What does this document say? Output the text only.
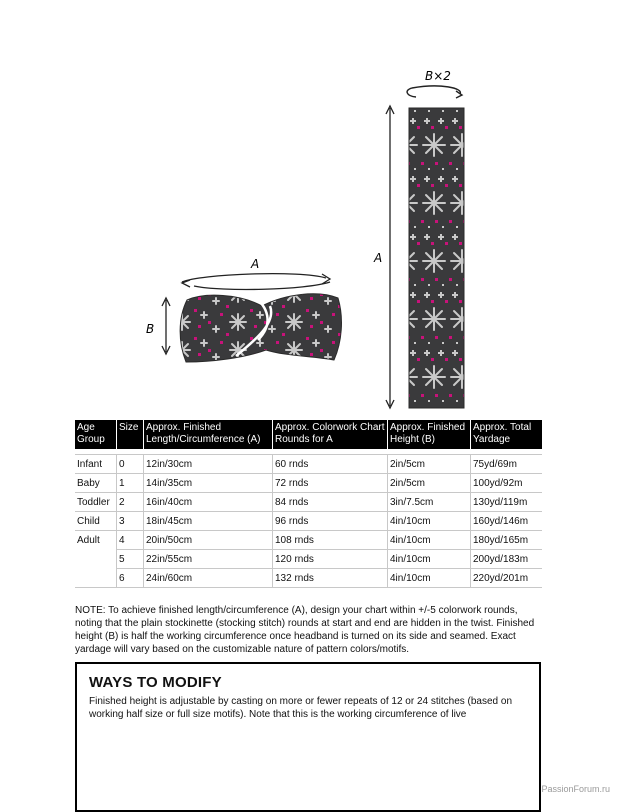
B×2
A
A
B
Age Group	Size	Approx. Finished Length/Circumference (A)	Approx. Colorwork Chart Rounds for A	Approx. Finished Height (B)	Approx. Total Yardage

Infant	0	12in/30cm	60 rnds	2in/5cm	75yd/69m
Baby	1	14in/35cm	72 rnds	2in/5cm	100yd/92m
Toddler	2	16in/40cm	84 rnds	3in/7.5cm	130yd/119m
Child	3	18in/45cm	96 rnds	4in/10cm	160yd/146m
Adult	4	20in/50cm	108 rnds	4in/10cm	180yd/165m
	5	22in/55cm	120 rnds	4in/10cm	200yd/183m
	6	24in/60cm	132 rnds	4in/10cm	220yd/201m
NOTE: To achieve finished length/circumference (A), design your chart within +/-5 colorwork rounds, noting that the plain stockinette (stocking stitch) rounds at start and end are hidden in the twist. Finished height (B) is half the working circumference once headband is turned on its side and seamed. Exact yardage will vary based on the customizable nature of pattern colors/motifs.
WAYS TO MODIFY

Finished height is adjustable by casting on more or fewer repeats of 12 or 24 stitches (based on working half size or full size motifs). Note that this is the working circumference of live

PassionForum.ru
